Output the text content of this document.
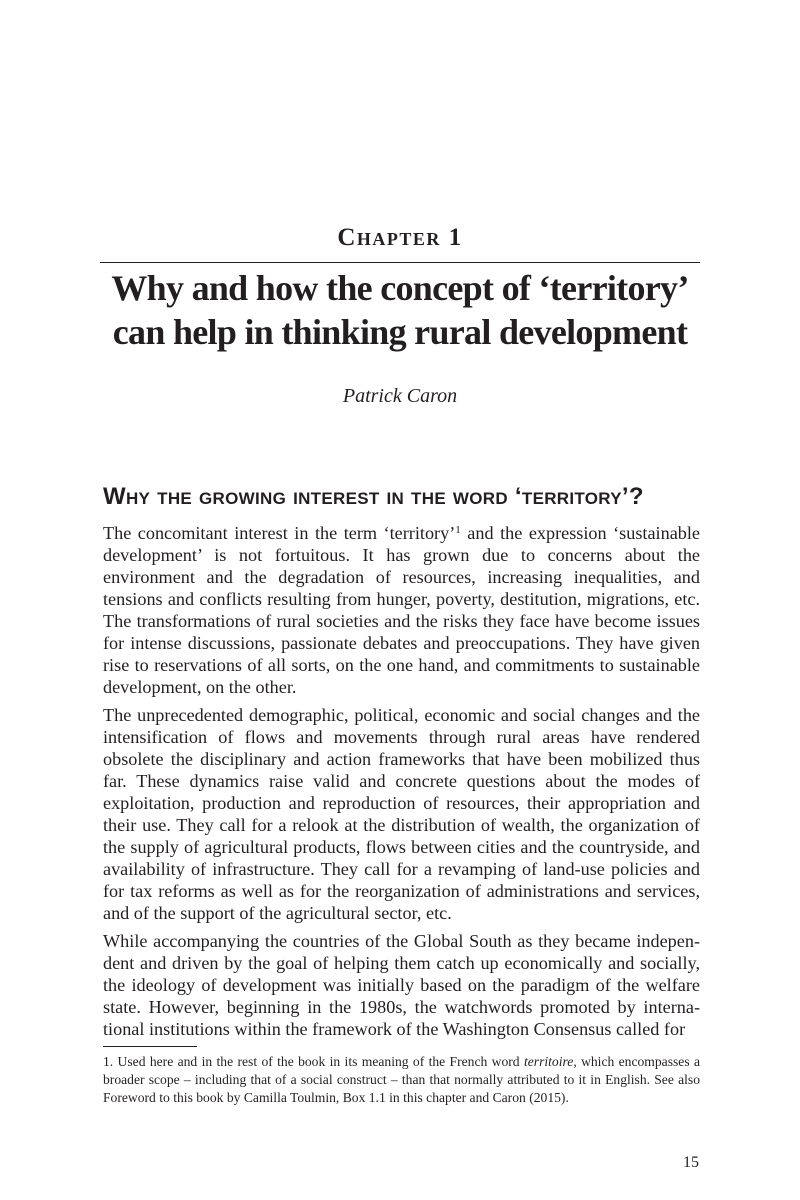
Chapter 1
Why and how the concept of ‘territory’
can help in thinking rural development

Patrick Caron

Why the growing interest in the word ‘territory’?

The concomitant interest in the term ‘territory’$^1$ and the expression ‘sustainable development’ is not fortuitous. It has grown due to concerns about the environment and the degradation of resources, increasing inequalities, and tensions and conflicts resulting from hunger, poverty, destitution, migrations, etc. The transformations of rural societies and the risks they face have become issues for intense discussions, passionate debates and preoccupations. They have given rise to reservations of all sorts, on the one hand, and commitments to sustainable development, on the other.

The unprecedented demographic, political, economic and social changes and the intensification of flows and movements through rural areas have rendered obsolete the disciplinary and action frameworks that have been mobilized thus far. These dynamics raise valid and concrete questions about the modes of exploitation, production and reproduction of resources, their appropriation and their use. They call for a relook at the distribution of wealth, the organization of the supply of agricultural products, flows between cities and the countryside, and availability of infrastructure. They call for a revamping of land-use policies and for tax reforms as well as for the reorganization of administrations and services, and of the support of the agricultural sector, etc.

While accompanying the countries of the Global South as they became independent and driven by the goal of helping them catch up economically and socially, the ideology of development was initially based on the paradigm of the welfare state. However, beginning in the 1980s, the watchwords promoted by international institutions within the framework of the Washington Consensus called for

1. Used here and in the rest of the book in its meaning of the French word territoire, which encompasses a broader scope – including that of a social construct – than that normally attributed to it in English. See also Foreword to this book by Camilla Toulmin, Box 1.1 in this chapter and Caron (2015).

15
